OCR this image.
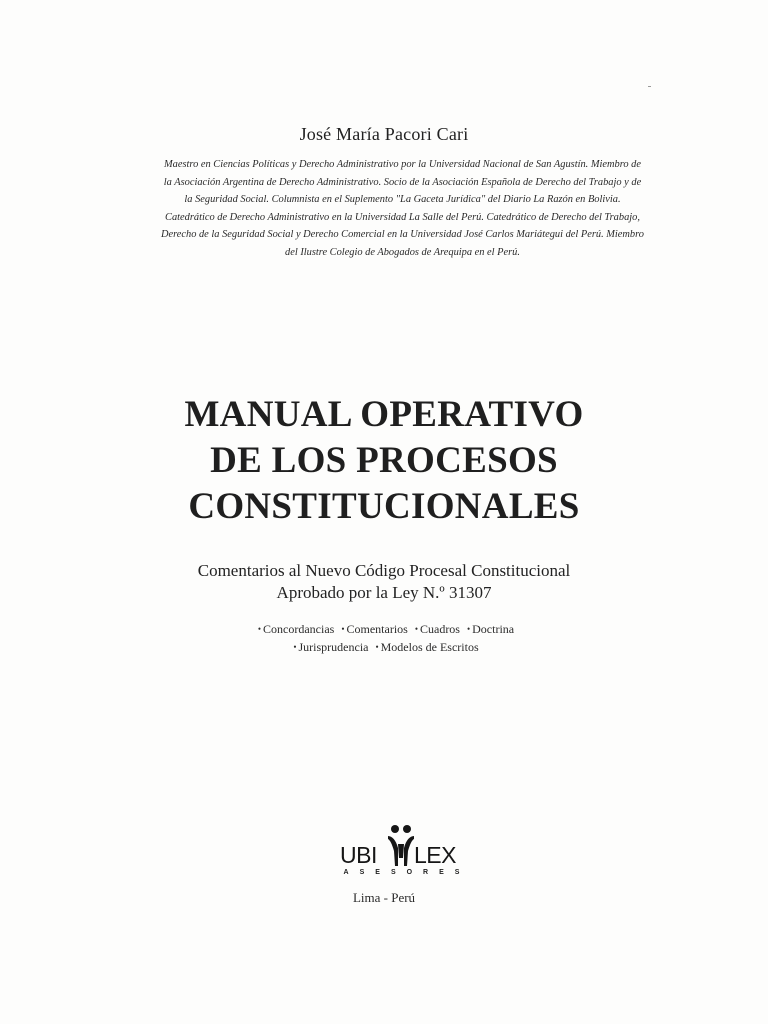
José María Pacori Cari
Maestro en Ciencias Políticas y Derecho Administrativo por la Universidad Nacional de San Agustín. Miembro de la Asociación Argentina de Derecho Administrativo. Socio de la Asociación Española de Derecho del Trabajo y de la Seguridad Social. Columnista en el Suplemento "La Gaceta Jurídica" del Diario La Razón en Bolivia. Catedrático de Derecho Administrativo en la Universidad La Salle del Perú. Catedrático de Derecho del Trabajo, Derecho de la Seguridad Social y Derecho Comercial en la Universidad José Carlos Mariátegui del Perú. Miembro del Ilustre Colegio de Abogados de Arequipa en el Perú.
MANUAL OPERATIVO
DE LOS PROCESOS
CONSTITUCIONALES
Comentarios al Nuevo Código Procesal Constitucional
Aprobado por la Ley N.º 31307
• Concordancias • Comentarios • Cuadros • Doctrina
• Jurisprudencia • Modelos de Escritos
UBI LEX
ASESORES
Lima - Perú
